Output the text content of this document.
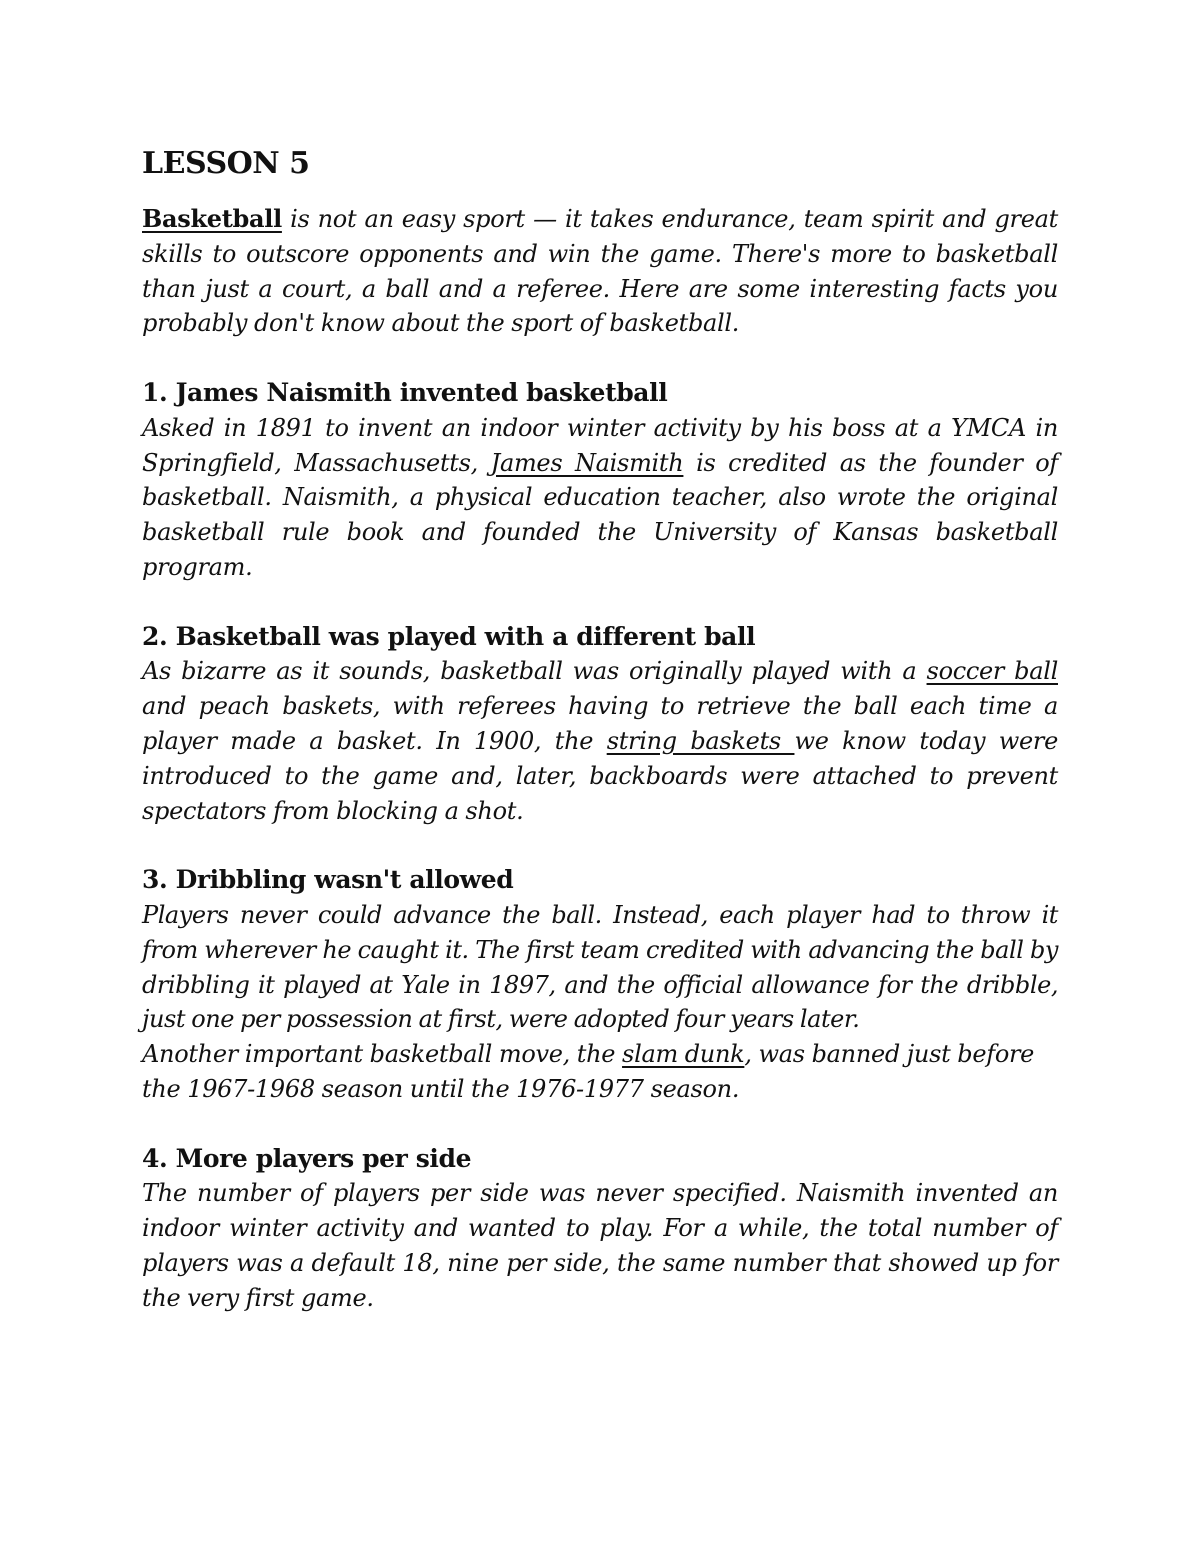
LESSON 5

Basketball is not an easy sport — it takes endurance, team spirit and great skills to outscore opponents and win the game. There's more to basketball than just a court, a ball and a referee. Here are some interesting facts you probably don't know about the sport of basketball.

1. James Naismith invented basketball

Asked in 1891 to invent an indoor winter activity by his boss at a YMCA in Springfield, Massachusetts, James Naismith is credited as the founder of basketball. Naismith, a physical education teacher, also wrote the original basketball rule book and founded the University of Kansas basketball program.

2. Basketball was played with a different ball

As bizarre as it sounds, basketball was originally played with a soccer ball and peach baskets, with referees having to retrieve the ball each time a player made a basket. In 1900, the string baskets we know today were introduced to the game and, later, backboards were attached to prevent spectators from blocking a shot.

3. Dribbling wasn't allowed

Players never could advance the ball. Instead, each player had to throw it from wherever he caught it. The first team credited with advancing the ball by dribbling it played at Yale in 1897, and the official allowance for the dribble, just one per possession at first, were adopted four years later.

Another important basketball move, the slam dunk, was banned just before the 1967-1968 season until the 1976-1977 season.

4. More players per side

The number of players per side was never specified. Naismith invented an indoor winter activity and wanted to play. For a while, the total number of players was a default 18, nine per side, the same number that showed up for the very first game.
